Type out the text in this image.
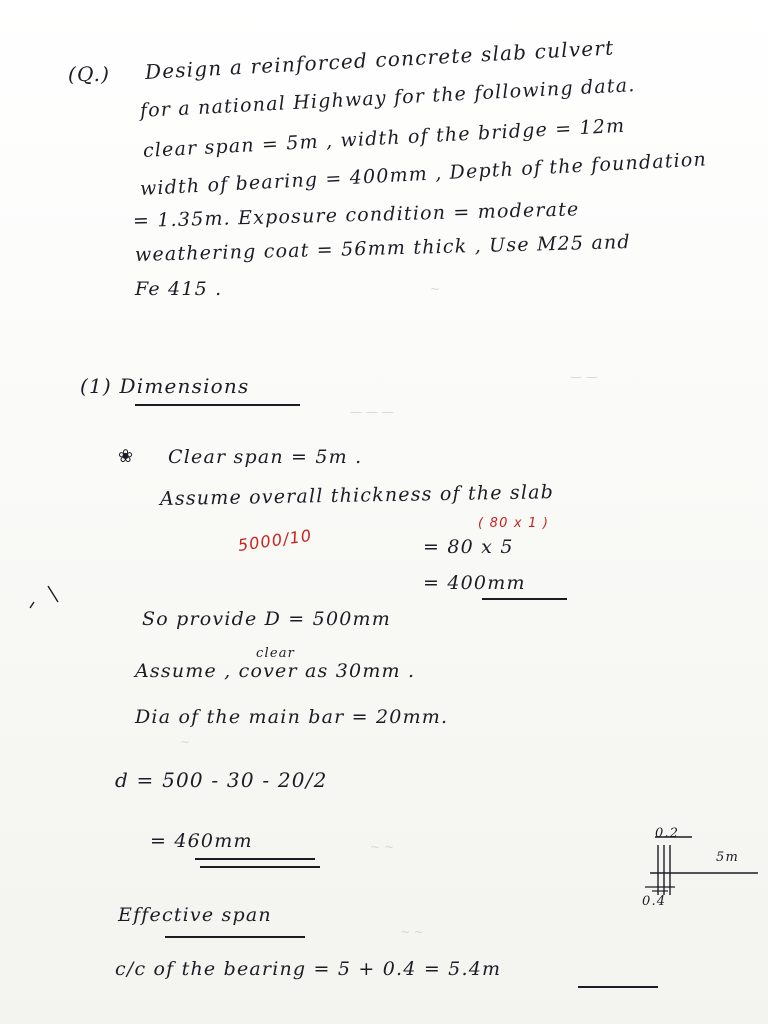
~
— — —
— —
~ ~
~ ~
~
(Q.) Design a reinforced concrete slab culvert
for a national Highway for the following data.
clear span = 5m , width of the bridge = 12m
width of bearing = 400mm , Depth of the foundation
= 1.35m. Exposure condition = moderate
weathering coat = 56mm thick , Use M25 and
Fe 415 .
(1) Dimensions
❀ Clear span = 5m .
Assume overall thickness of the slab
( 80 x 1 )
5000/10	= 80 x 5
= 400mm
So provide D = 500mm
clear
Assume , cover as 30mm .
Dia of the main bar = 20mm.
d = 500 - 30 - 20/2
= 460mm
Effective span
c/c of the bearing = 5 + 0.4 = 5.4m
0.2
5m
0.4
